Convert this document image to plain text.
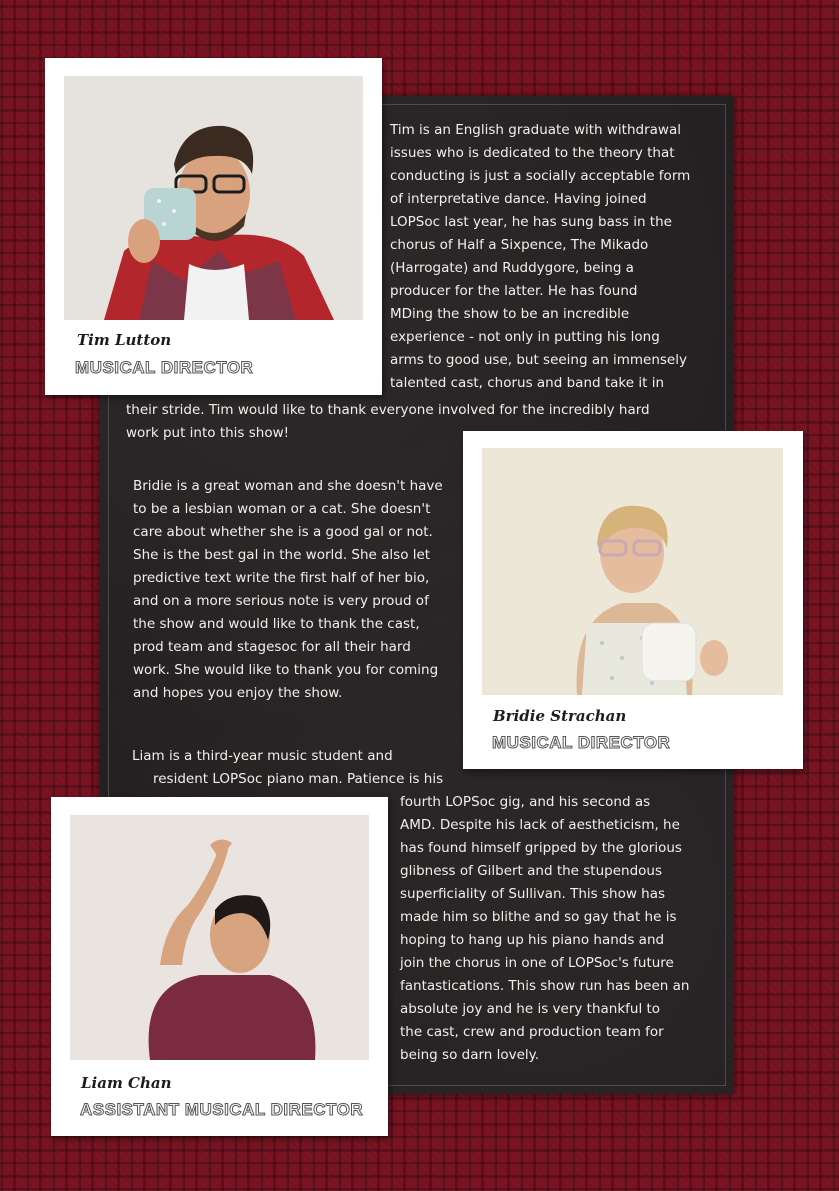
Tim is an English graduate with withdrawal
issues who is dedicated to the theory that
conducting is just a socially acceptable form
of interpretative dance. Having joined
LOPSoc last year, he has sung bass in the
chorus of Half a Sixpence, The Mikado
(Harrogate) and Ruddygore, being a
producer for the latter. He has found
MDing the show to be an incredible
experience - not only in putting his long
arms to good use, but seeing an immensely
talented cast, chorus and band take it in
their stride. Tim would like to thank everyone involved for the incredibly hard
work put into this show!
Bridie is a great woman and she doesn't have
to be a lesbian woman or a cat. She doesn't
care about whether she is a good gal or not.
She is the best gal in the world. She also let
predictive text write the first half of her bio,
and on a more serious note is very proud of
the show and would like to thank the cast,
prod team and stagesoc for all their hard
work. She would like to thank you for coming
and hopes you enjoy the show.
Liam is a third-year music student and
resident LOPSoc piano man. Patience is his
fourth LOPSoc gig, and his second as
AMD. Despite his lack of aestheticism, he
has found himself gripped by the glorious
glibness of Gilbert and the stupendous
superficiality of Sullivan. This show has
made him so blithe and so gay that he is
hoping to hang up his piano hands and
join the chorus in one of LOPSoc's future
fantastications. This show run has been an
absolute joy and he is very thankful to
the cast, crew and production team for
being so darn lovely.
Tim Lutton
MUSICAL DIRECTOR
Bridie Strachan
MUSICAL DIRECTOR
Liam Chan
ASSISTANT MUSICAL DIRECTOR
